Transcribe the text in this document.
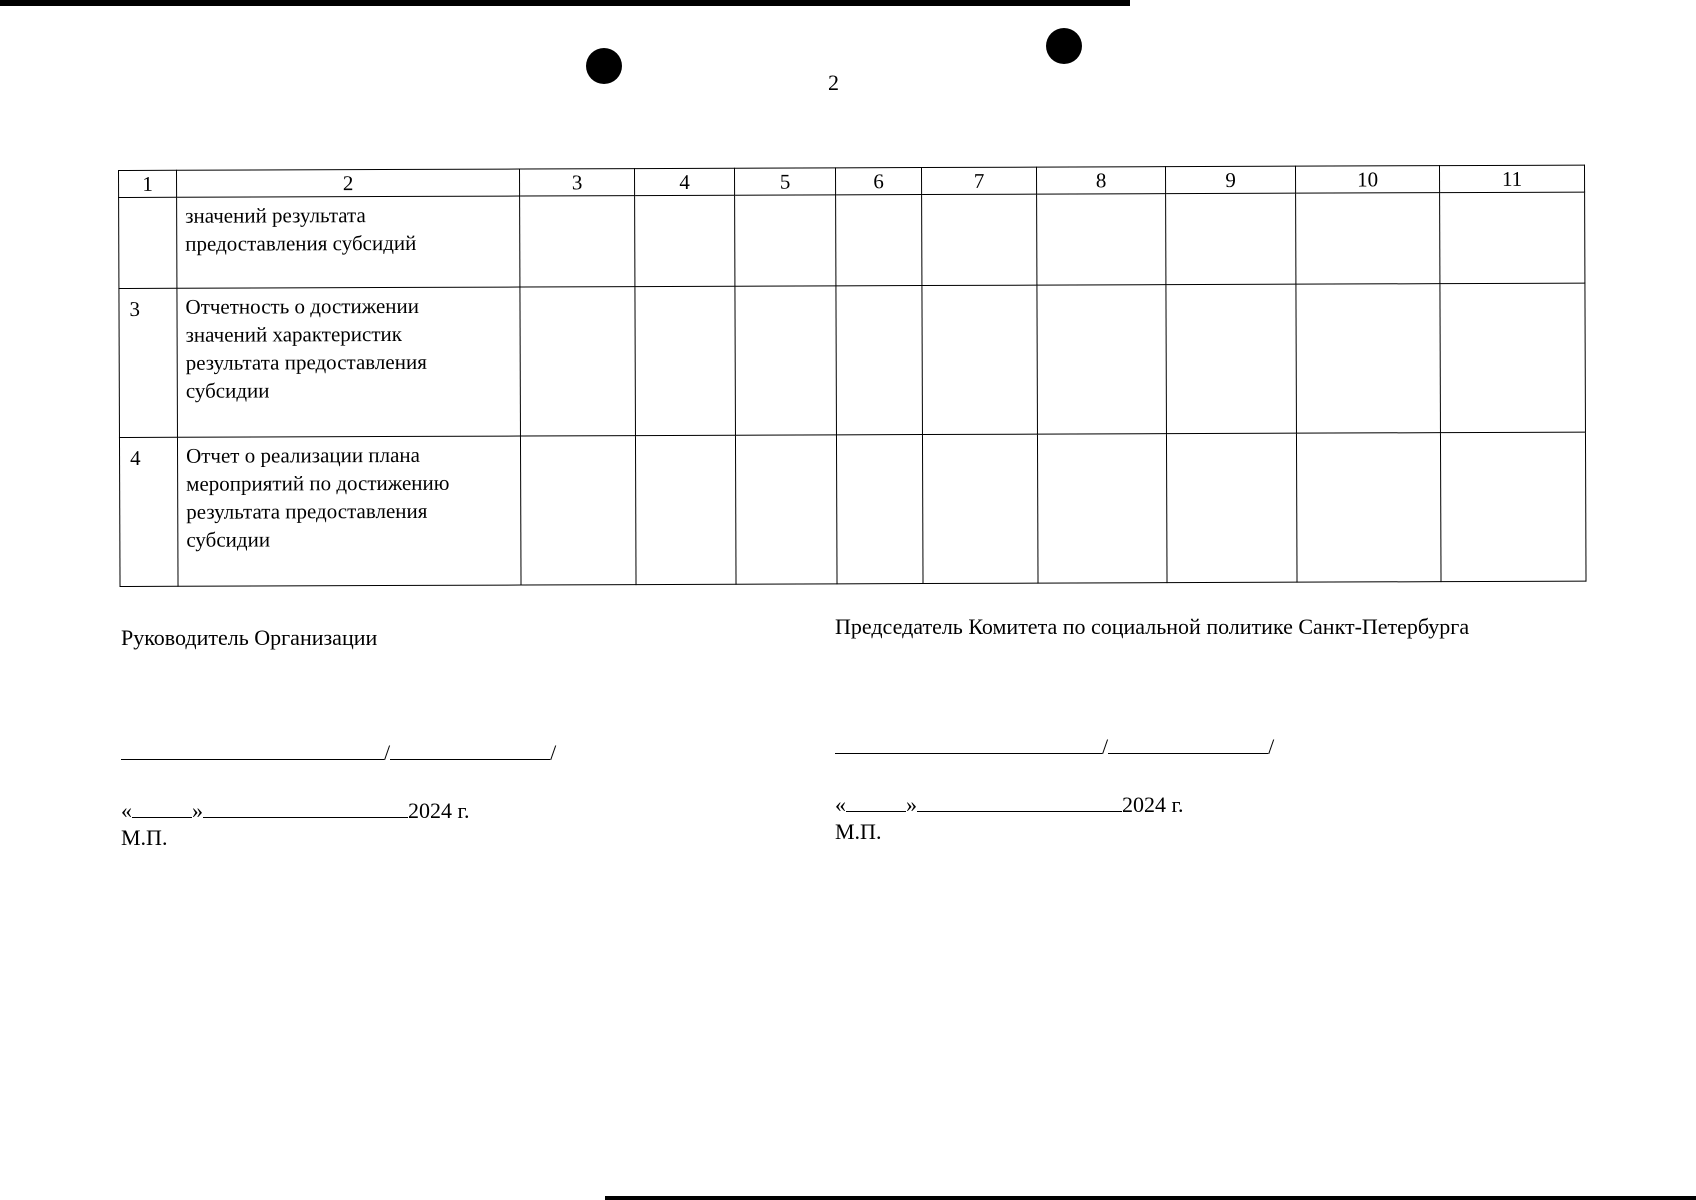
2
1	2	3	4	5	6	7	8	9	10	11

	значений результата
предоставления субсидий									

3	Отчетность о достижении
значений характеристик
результата предоставления
субсидии									

4	Отчет о реализации плана
мероприятий по достижению
результата предоставления
субсидии									

Руководитель Организации
/	/
«	»	2024 г.
М.П.
Председатель Комитета по социальной политике Санкт-Петербурга
/	/
«	»	2024 г.
М.П.
